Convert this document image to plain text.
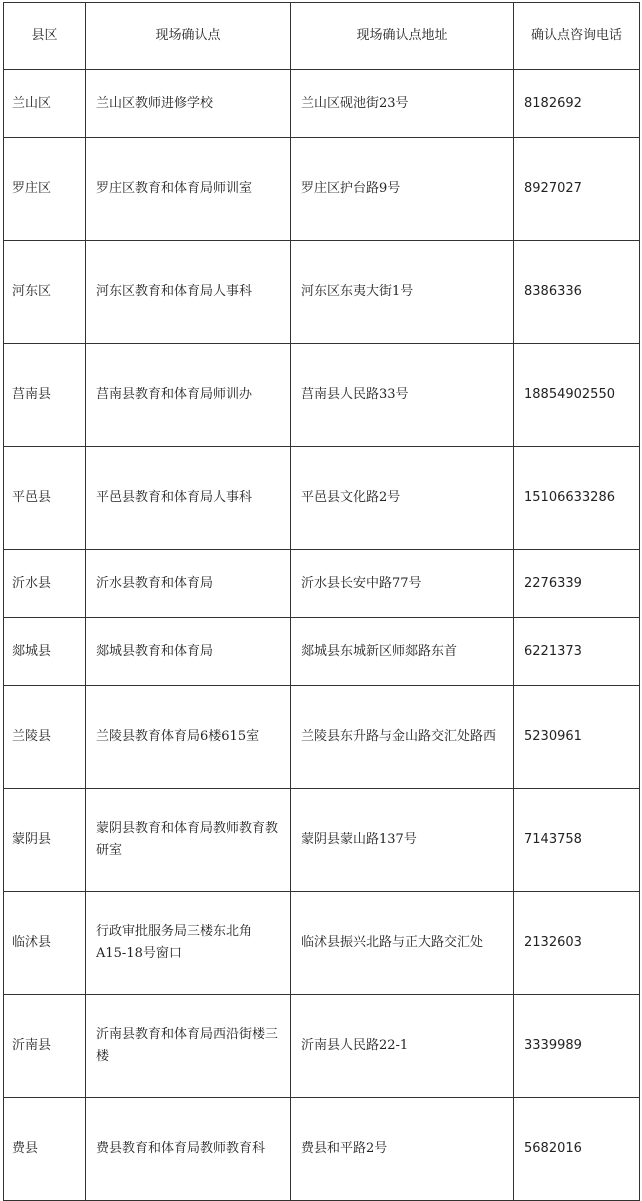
县区	现场确认点	现场确认点地址	确认点咨询电话
兰山区	兰山区教师进修学校	兰山区砚池街23号	8182692
罗庄区	罗庄区教育和体育局师训室	罗庄区护台路9号	8927027
河东区	河东区教育和体育局人事科	河东区东夷大街1号	8386336
莒南县	莒南县教育和体育局师训办	莒南县人民路33号	18854902550
平邑县	平邑县教育和体育局人事科	平邑县文化路2号	15106633286
沂水县	沂水县教育和体育局	沂水县长安中路77号	2276339
郯城县	郯城县教育和体育局	郯城县东城新区师郯路东首	6221373
兰陵县	兰陵县教育体育局6楼615室	兰陵县东升路与金山路交汇处路西	5230961
蒙阴县	蒙阴县教育和体育局教师教育教研室	蒙阴县蒙山路137号	7143758
临沭县	行政审批服务局三楼东北角A15-18号窗口	临沭县振兴北路与正大路交汇处	2132603
沂南县	沂南县教育和体育局西沿街楼三楼	沂南县人民路22-1	3339989
费县	费县教育和体育局教师教育科	费县和平路2号	5682016
